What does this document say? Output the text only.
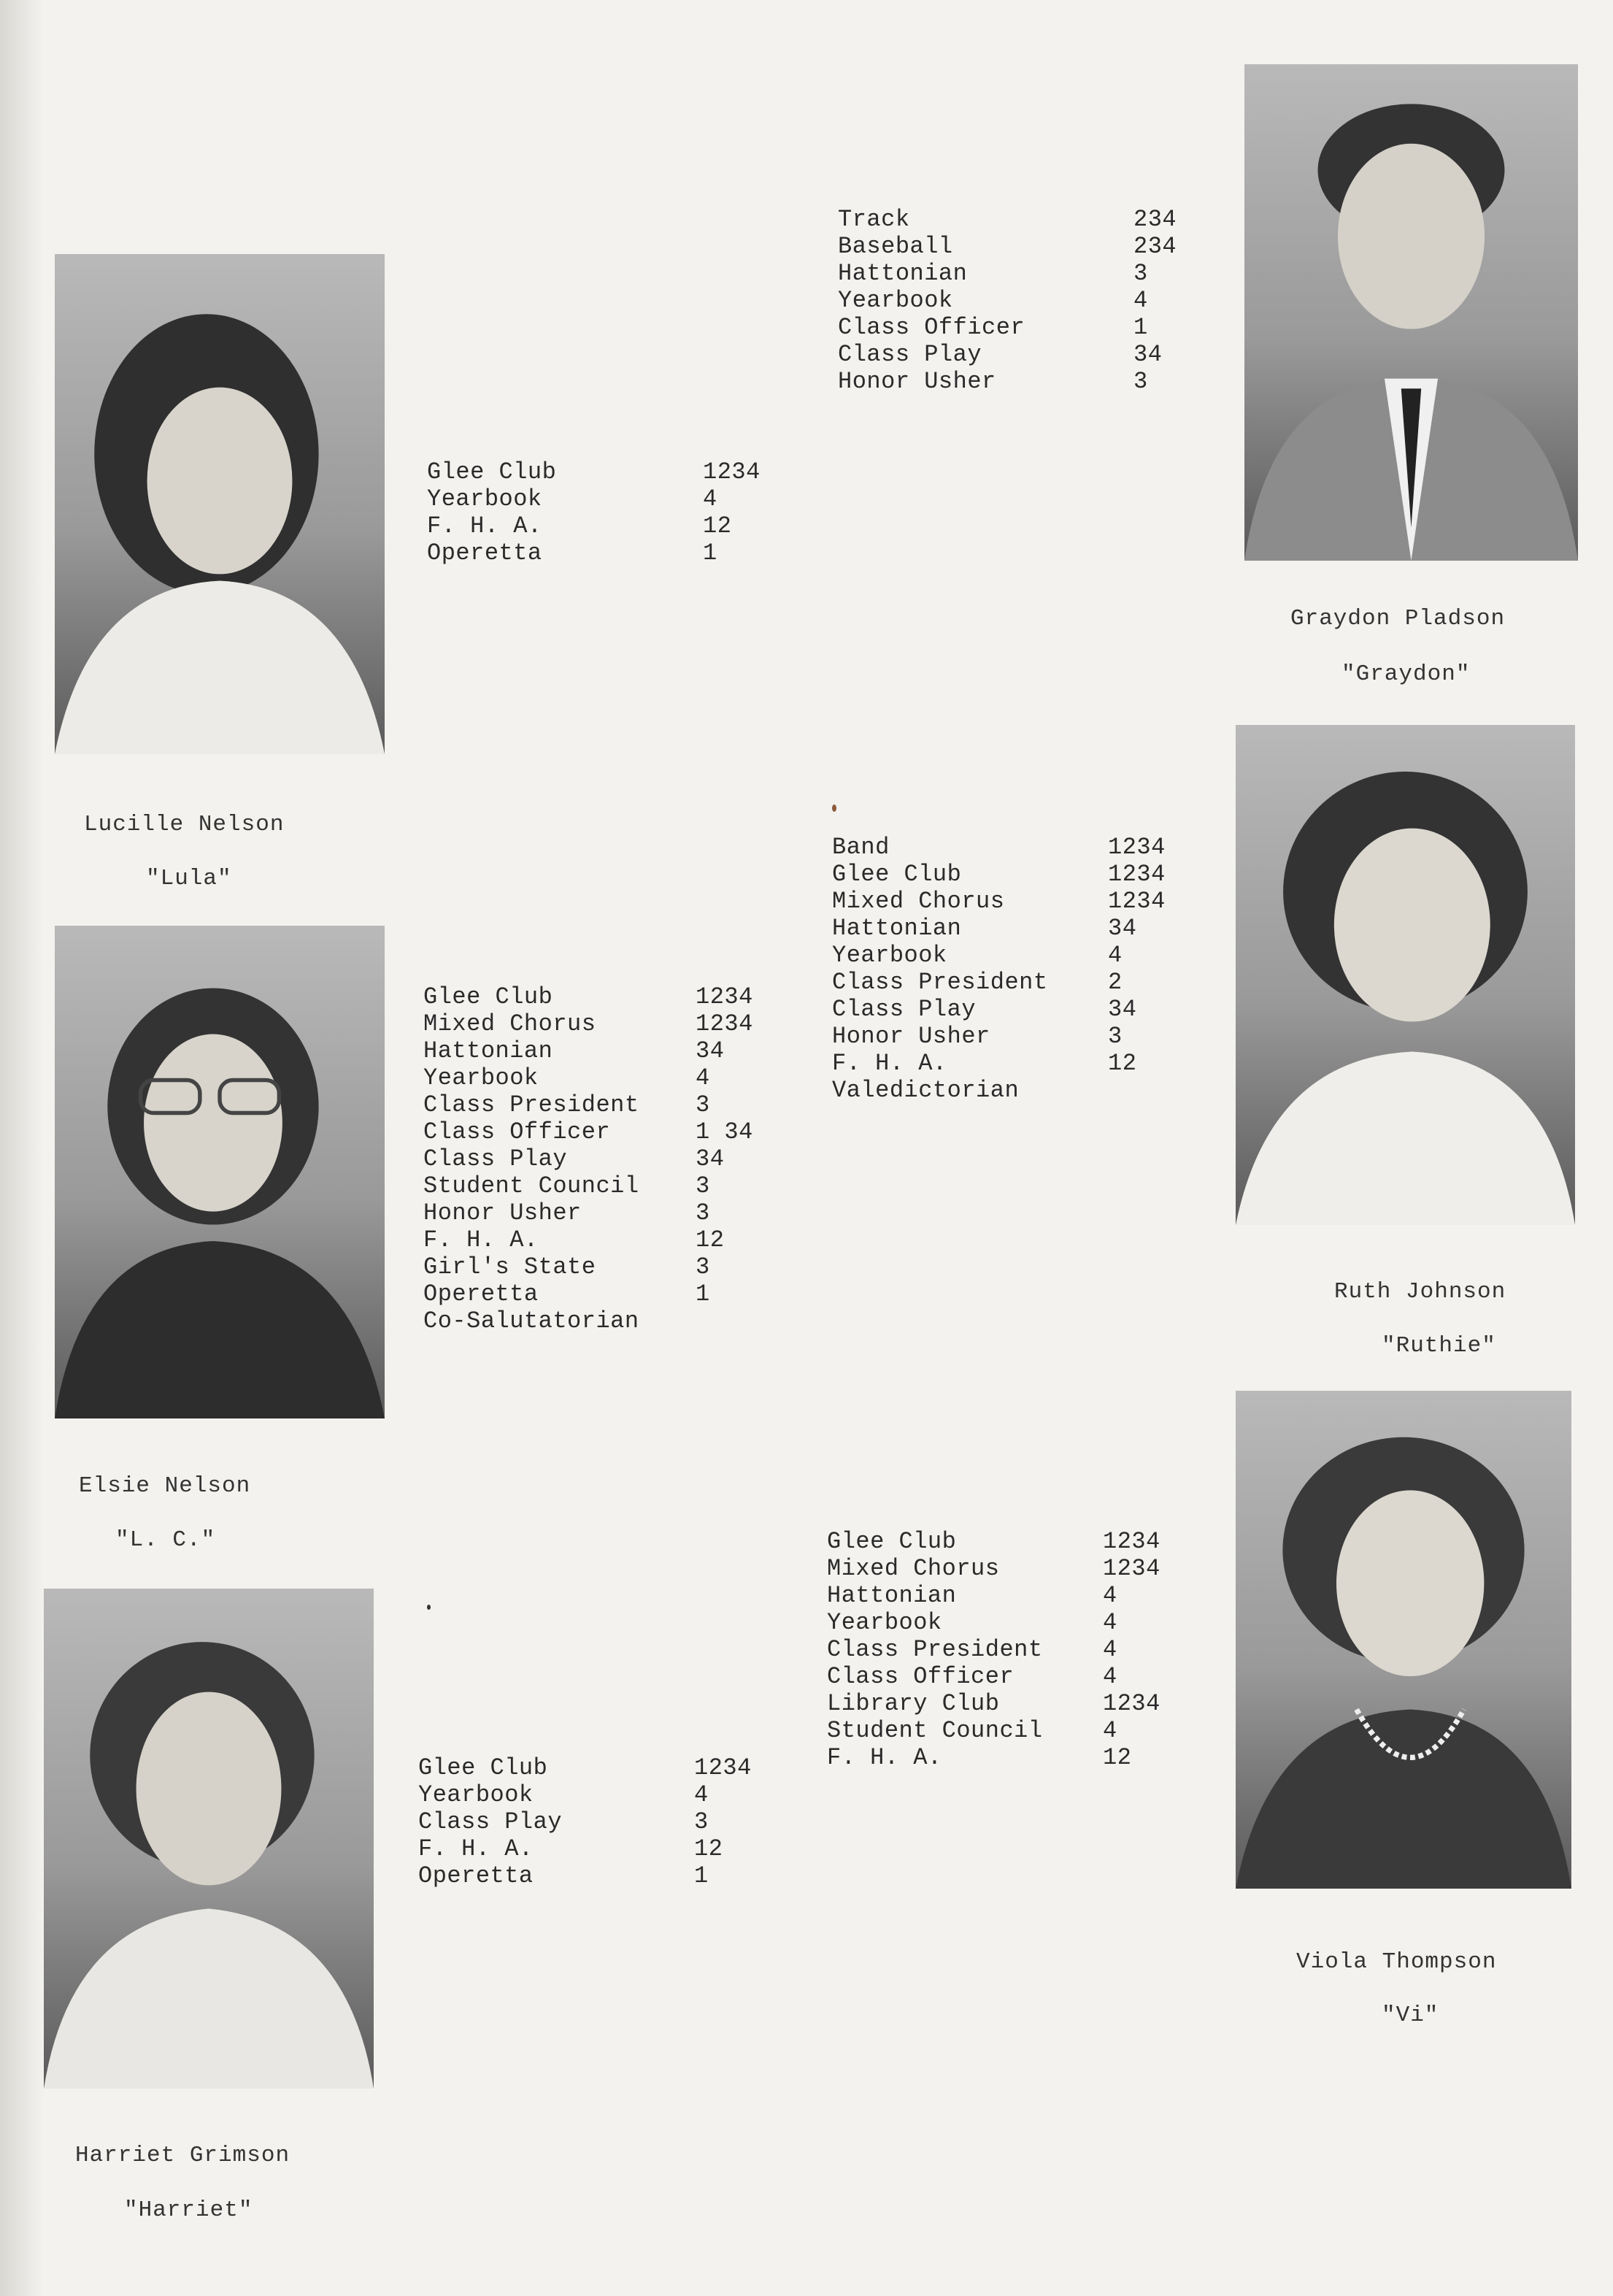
Lucille Nelson
"Lula"
Glee Club	1234
Yearbook	4
F. H. A.	12
Operetta	1
Graydon Pladson
"Graydon"
Track	234
Baseball	234
Hattonian	3
Yearbook	4
Class Officer	1
Class Play	34
Honor Usher	3
Elsie Nelson
"L. C."
Glee Club	1234
Mixed Chorus	1234
Hattonian	34
Yearbook	4
Class President 3
Class Officer	1 34
Class Play	34
Student Council 3
Honor Usher	3
F. H. A.	12
Girl's State	3
Operetta	1
Co-Salutatorian
Ruth Johnson
"Ruthie"
Band	1234
Glee Club	1234
Mixed Chorus	1234
Hattonian	34
Yearbook	4
Class President	2
Class Play	34
Honor Usher	3
F. H. A.	12
Valedictorian
Harriet Grimson
"Harriet"
Glee Club	1234
Yearbook	4
Class Play	3
F. H. A.	12
Operetta	1
Viola Thompson
"Vi"
Glee Club	1234
Mixed Chorus	1234
Hattonian	4
Yearbook	4
Class President	4
Class Officer	4
Library Club	1234
Student Council	4
F. H. A.	12
